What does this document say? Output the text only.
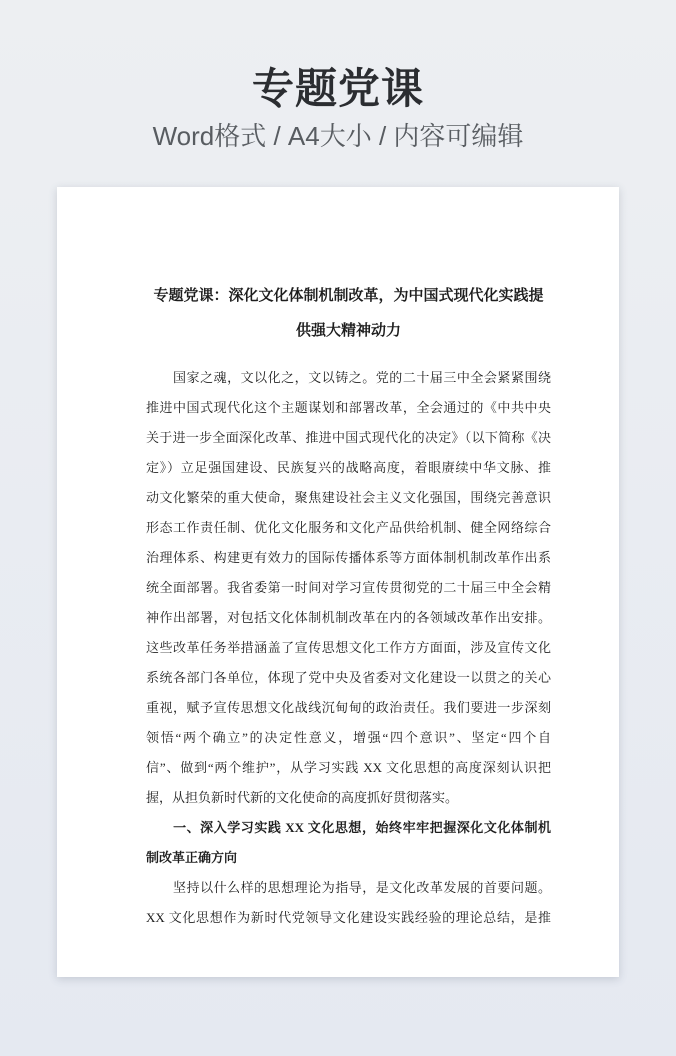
专题党课
Word格式 / A4大小 / 内容可编辑
专题党课：深化文化体制机制改革，为中国式现代化实践提
供强大精神动力
　　国家之魂，文以化之，文以铸之。党的二十届三中全会紧紧围绕
推进中国式现代化这个主题谋划和部署改革，全会通过的《中共中央
关于进一步全面深化改革、推进中国式现代化的决定》（以下简称《决
定》）立足强国建设、民族复兴的战略高度，着眼赓续中华文脉、推
动文化繁荣的重大使命，聚焦建设社会主义文化强国，围绕完善意识
形态工作责任制、优化文化服务和文化产品供给机制、健全网络综合
治理体系、构建更有效力的国际传播体系等方面体制机制改革作出系
统全面部署。我省委第一时间对学习宣传贯彻党的二十届三中全会精
神作出部署，对包括文化体制机制改革在内的各领域改革作出安排。
这些改革任务举措涵盖了宣传思想文化工作方方面面，涉及宣传文化
系统各部门各单位，体现了党中央及省委对文化建设一以贯之的关心
重视，赋予宣传思想文化战线沉甸甸的政治责任。我们要进一步深刻
领悟“两个确立”的决定性意义，增强“四个意识”、坚定“四个自
信”、做到“两个维护”，从学习实践 XX 文化思想的高度深刻认识把
握，从担负新时代新的文化使命的高度抓好贯彻落实。
　　一、深入学习实践 XX 文化思想，始终牢牢把握深化文化体制机
制改革正确方向
　　坚持以什么样的思想理论为指导，是文化改革发展的首要问题。
XX 文化思想作为新时代党领导文化建设实践经验的理论总结，是推
